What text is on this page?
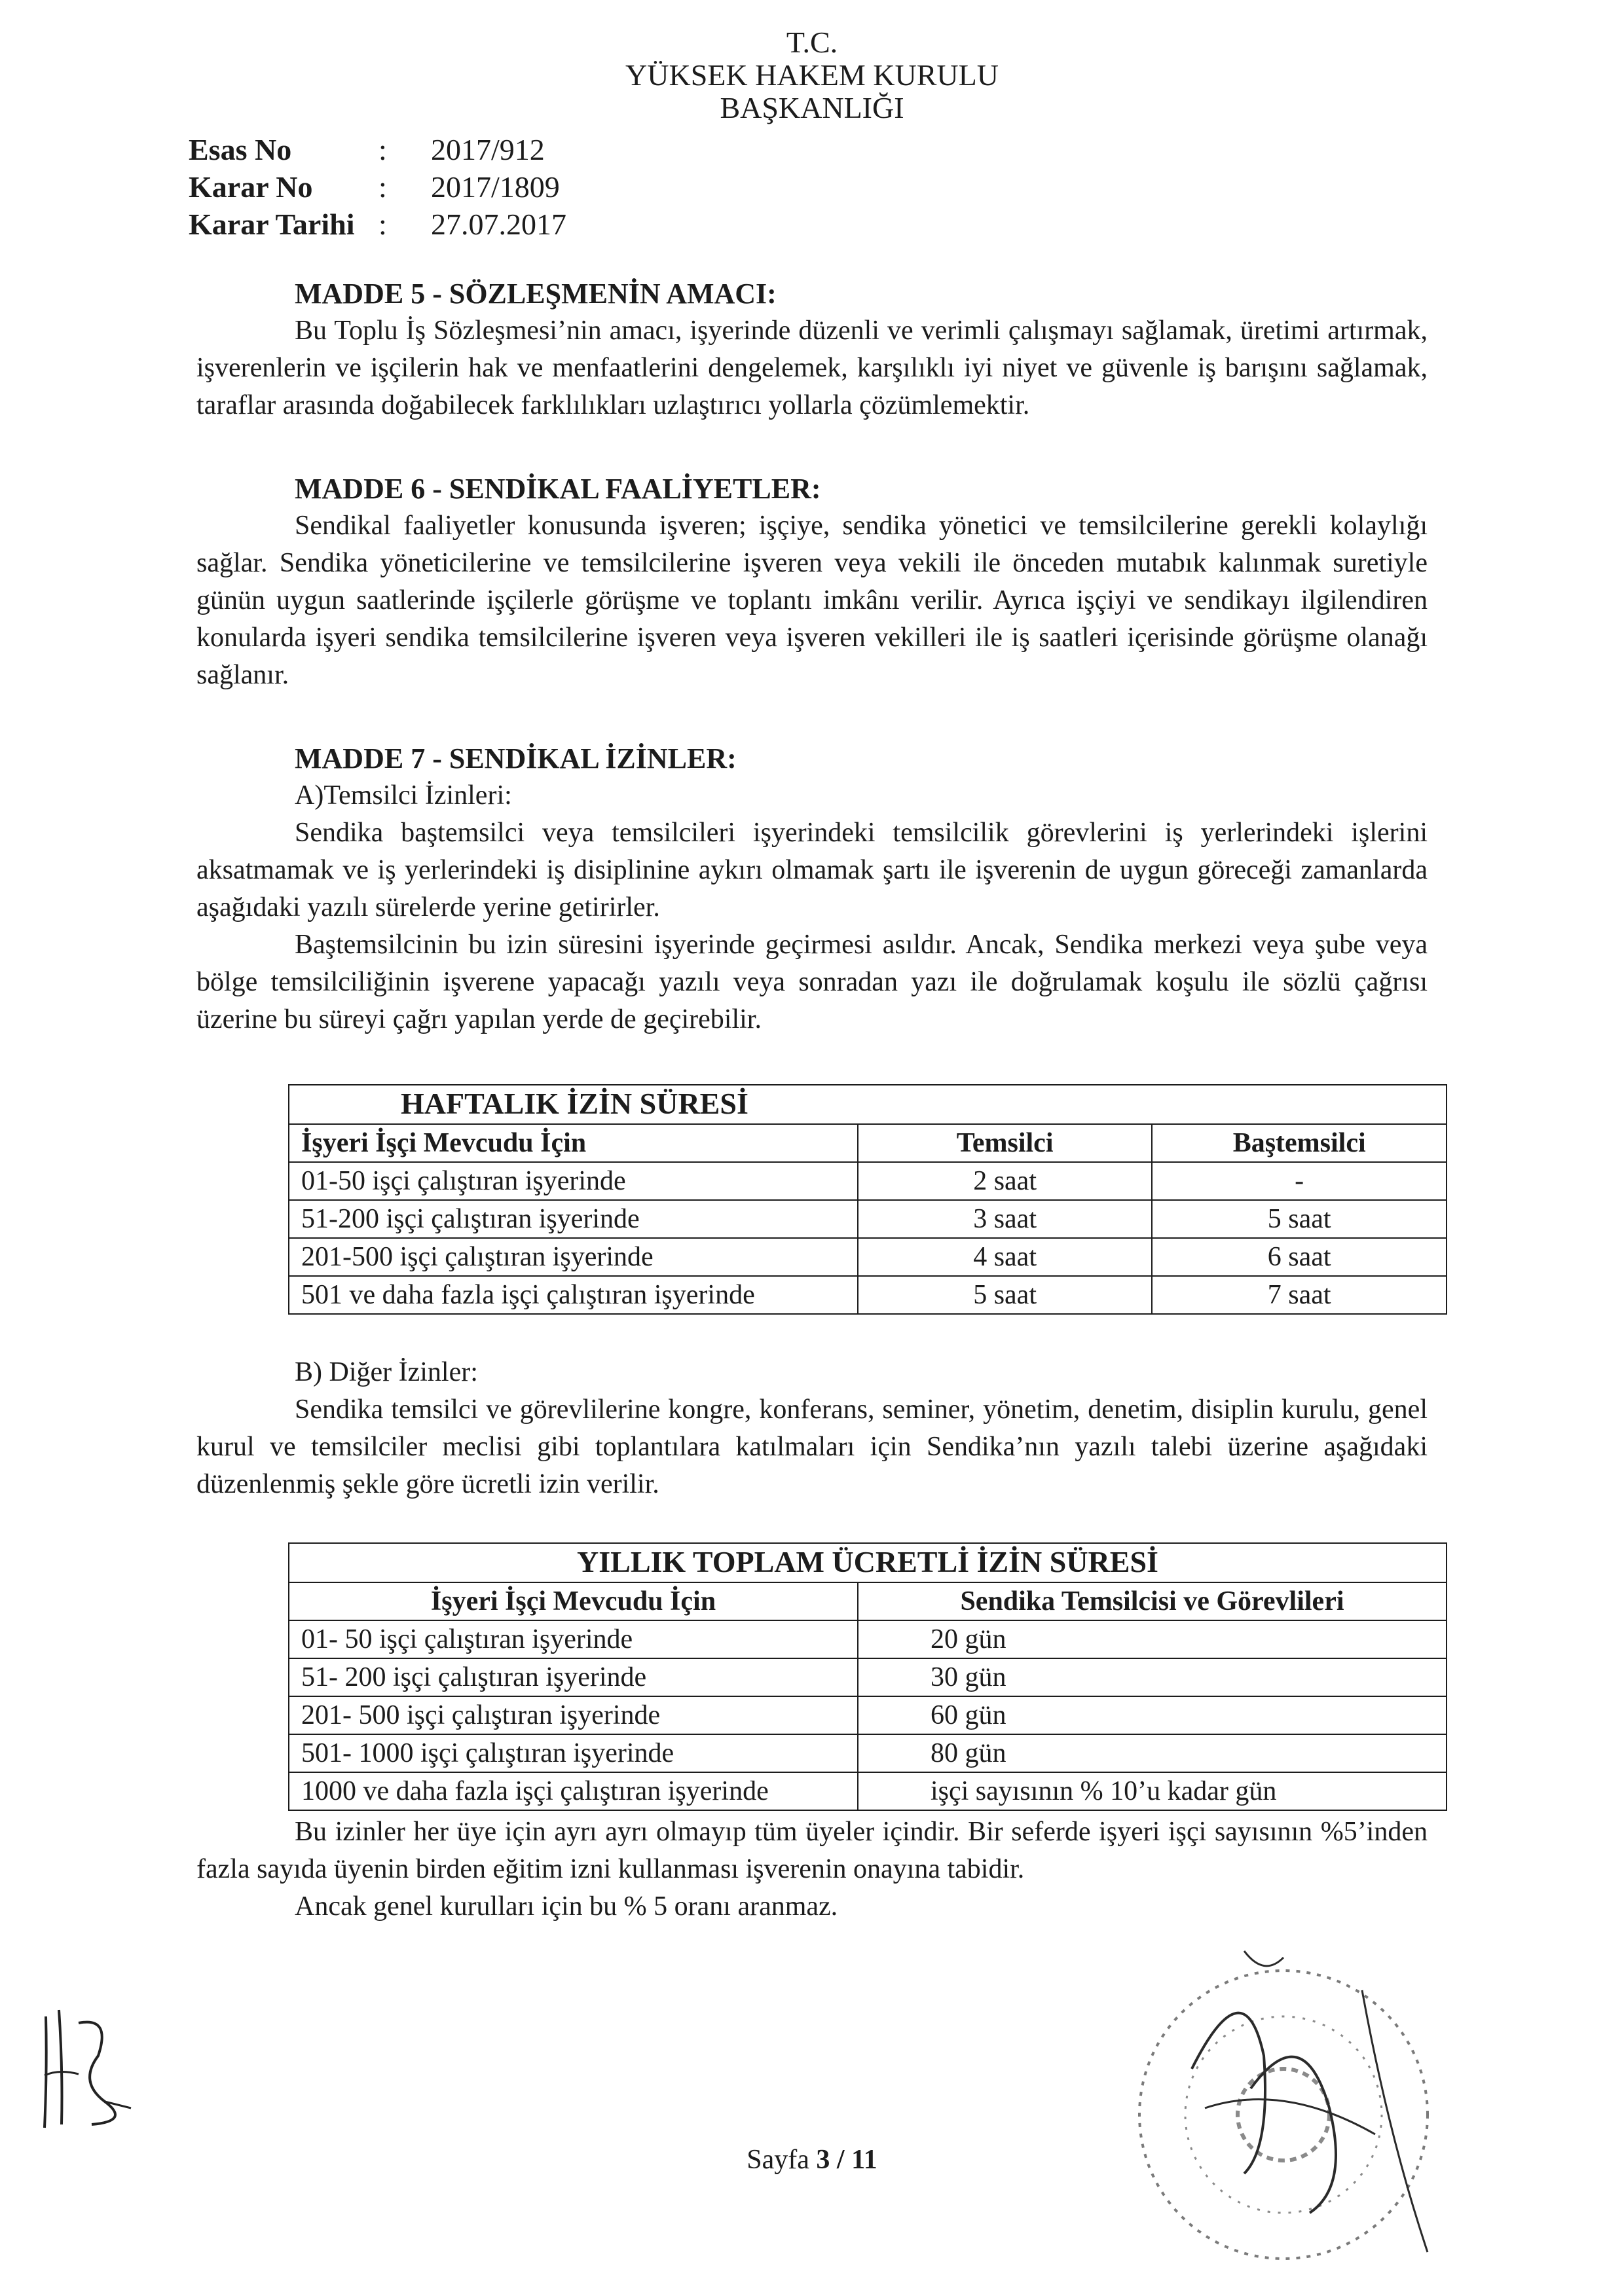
T.C.
YÜKSEK HAKEM KURULU
BAŞKANLIĞI
Esas No	:	2017/912
Karar No	:	2017/1809
Karar Tarihi :	27.07.2017
MADDE 5 - SÖZLEŞMENİN AMACI:

Bu Toplu İş Sözleşmesi’nin amacı, işyerinde düzenli ve verimli çalışmayı sağlamak, üretimi artırmak, işverenlerin ve işçilerin hak ve menfaatlerini dengelemek, karşılıklı iyi niyet ve güvenle iş barışını sağlamak, taraflar arasında doğabilecek farklılıkları uzlaştırıcı yollarla çözümlemektir.

MADDE 6 - SENDİKAL FAALİYETLER:

Sendikal faaliyetler konusunda işveren; işçiye, sendika yönetici ve temsilcilerine gerekli kolaylığı sağlar. Sendika yöneticilerine ve temsilcilerine işveren veya vekili ile önceden mutabık kalınmak suretiyle günün uygun saatlerinde işçilerle görüşme ve toplantı imkânı verilir. Ayrıca işçiyi ve sendikayı ilgilendiren konularda işyeri sendika temsilcilerine işveren veya işveren vekilleri ile iş saatleri içerisinde görüşme olanağı sağlanır.

MADDE 7 - SENDİKAL İZİNLER:
A)Temsilci İzinleri:

Sendika baştemsilci veya temsilcileri işyerindeki temsilcilik görevlerini iş yerlerindeki işlerini aksatmamak ve iş yerlerindeki iş disiplinine aykırı olmamak şartı ile işverenin de uygun göreceği zamanlarda aşağıdaki yazılı sürelerde yerine getirirler.

Baştemsilcinin bu izin süresini işyerinde geçirmesi asıldır. Ancak, Sendika merkezi veya şube veya bölge temsilciliğinin işverene yapacağı yazılı veya sonradan yazı ile doğrulamak koşulu ile sözlü çağrısı üzerine bu süreyi çağrı yapılan yerde de geçirebilir.

HAFTALIK İZİN SÜRESİ		
İşyeri İşçi Mevcudu İçin	Temsilci	Baştemsilci
01-50 işçi çalıştıran işyerinde	2 saat	-
51-200 işçi çalıştıran işyerinde	3 saat	5 saat
201-500 işçi çalıştıran işyerinde	4 saat	6 saat
501 ve daha fazla işçi çalıştıran işyerinde	5 saat	7 saat
B) Diğer İzinler:

Sendika temsilci ve görevlilerine kongre, konferans, seminer, yönetim, denetim, disiplin kurulu, genel kurul ve temsilciler meclisi gibi toplantılara katılmaları için Sendika’nın yazılı talebi üzerine aşağıdaki düzenlenmiş şekle göre ücretli izin verilir.

YILLIK TOPLAM ÜCRETLİ İZİN SÜRESİ	
İşyeri İşçi Mevcudu İçin	Sendika Temsilcisi ve Görevlileri
01- 50 işçi çalıştıran işyerinde	20 gün
51- 200 işçi çalıştıran işyerinde	30 gün
201- 500 işçi çalıştıran işyerinde	60 gün
501- 1000 işçi çalıştıran işyerinde	80 gün
1000 ve daha fazla işçi çalıştıran işyerinde	işçi sayısının % 10’u kadar gün

Bu izinler her üye için ayrı ayrı olmayıp tüm üyeler içindir. Bir seferde işyeri işçi sayısının %5’inden fazla sayıda üyenin birden eğitim izni kullanması işverenin onayına tabidir.

Ancak genel kurulları için bu % 5 oranı aranmaz.

Sayfa 3 / 11
